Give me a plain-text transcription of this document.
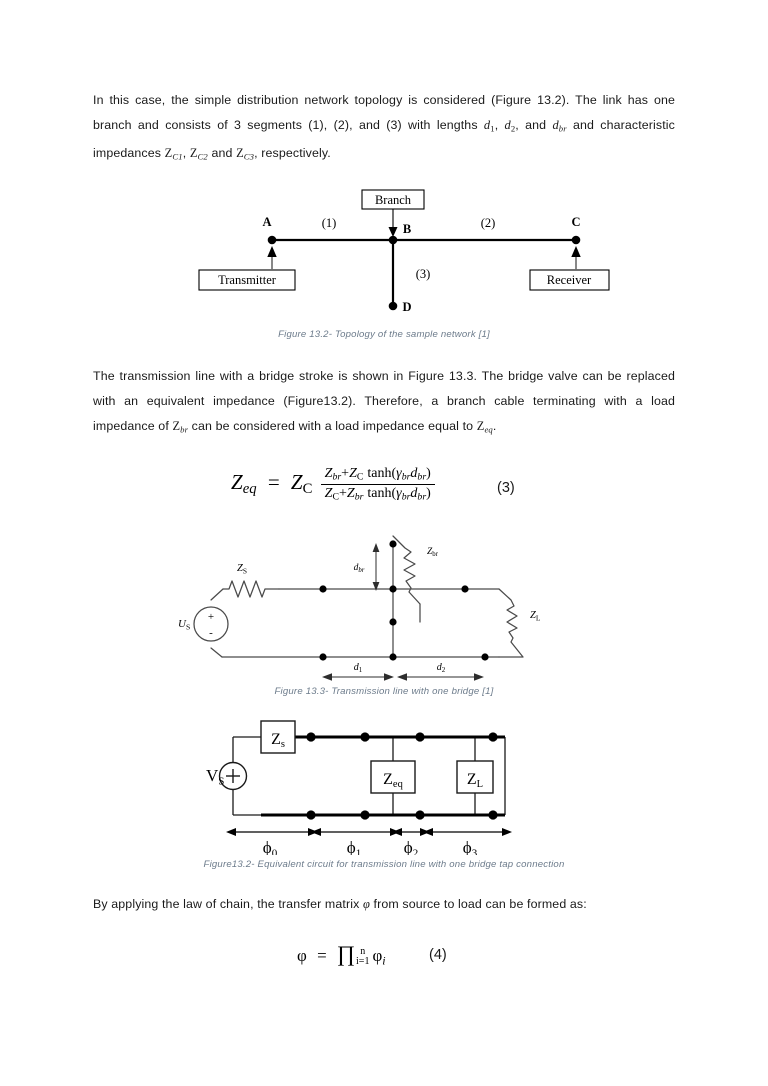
In this case, the simple distribution network topology is considered (Figure 13.2). The link has one branch and consists of 3 segments (1), (2), and (3) with lengths $d_1$, $d_2$, and $d_{br}$ and characteristic impedances $Z_{C1}$, $Z_{C2}$ and $Z_{C3}$, respectively.

Branch
A	B	C
D
(1)	(2)
(3)
Transmitter	Receiver
Figure 13.2- Topology of the sample network [1]

The transmission line with a bridge stroke is shown in Figure 13.3. The bridge valve can be replaced with an equivalent impedance (Figure13.2). Therefore, a branch cable terminating with a load impedance of $Z_{br}$ can be considered with a load impedance equal to $Z_{eq}$.

$Z_{eq} = Z_C \frac{Z_{br}+Z_C \tanh(\gamma_{br}d_{br})}{Z_C+Z_{br} \tanh(\gamma_{br}d_{br})}$	(3)
+
-
$U_S$
$Z_S$
$Z_{br}$
$Z_L$
$d_{br}$
$d_1$	$d_2$
Figure 13.3- Transmission line with one bridge [1]
$V_S$
$Z_s$
$Z_{eq}$	$Z_L$
$\phi_0$	$\phi_1$	$\phi_2$	$\phi_3$
Figure13.2- Equivalent circuit for transmission line with one bridge tap connection

By applying the law of chain, the transfer matrix φ from source to load can be formed as:

φ = ∏ n
i=1 $\varphi_i$	(4)
